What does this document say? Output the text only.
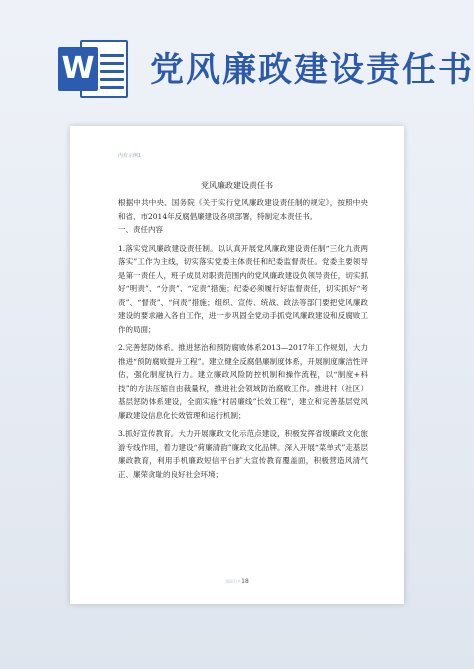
W 党风廉政建设责任书
内有示例1
党风廉政建设责任书

根据中共中央、国务院《关于实行党风廉政建设责任制的规定》，按照中央和省、市2014年反腐倡廉建设各项部署，特制定本责任书。

一、责任内容

1.落实党风廉政建设责任制。以认真开展党风廉政建设责任制“三化九责两落实”工作为主线，切实落实党委主体责任和纪委监督责任。党委主要领导是第一责任人，班子成员对职责范围内的党风廉政建设负领导责任，切实抓好“明责”、“分责”、“定责”措施；纪委必须履行好监督责任，切实抓好“考责”、“督责”、“问责”措施；组织、宣传、统战、政法等部门要把党风廉政建设的要求融入各自工作，进一步巩固全党动手抓党风廉政建设和反腐败工作的局面；

2.完善惩防体系。推进惩治和预防腐败体系2013—2017年工作规划，大力推进“预防腐败提升工程”。建立健全反腐倡廉制度体系，开展制度廉洁性评估，强化制度执行力。建立廉政风险防控机制和操作流程，以“制度+科技”的方法压缩自由裁量权，推进社会领域防治腐败工作。推进村（社区）基层惩防体系建设，全面实施“村居廉线”长效工程”，建立和完善基层党风廉政建设信息化长效管理和运行机制；

3.抓好宣传教育。大力开展廉政文化示范点建设，积极发挥省级廉政文化旅游专线作用，着力建设“荷廉清韵”廉政文化品牌。深入开展“菜单式”走基层廉政教育，利用手机廉政短信平台扩大宣传教育覆盖面，积极营造风清气正、廉荣贪耻的良好社会环境；

第8页/共18
